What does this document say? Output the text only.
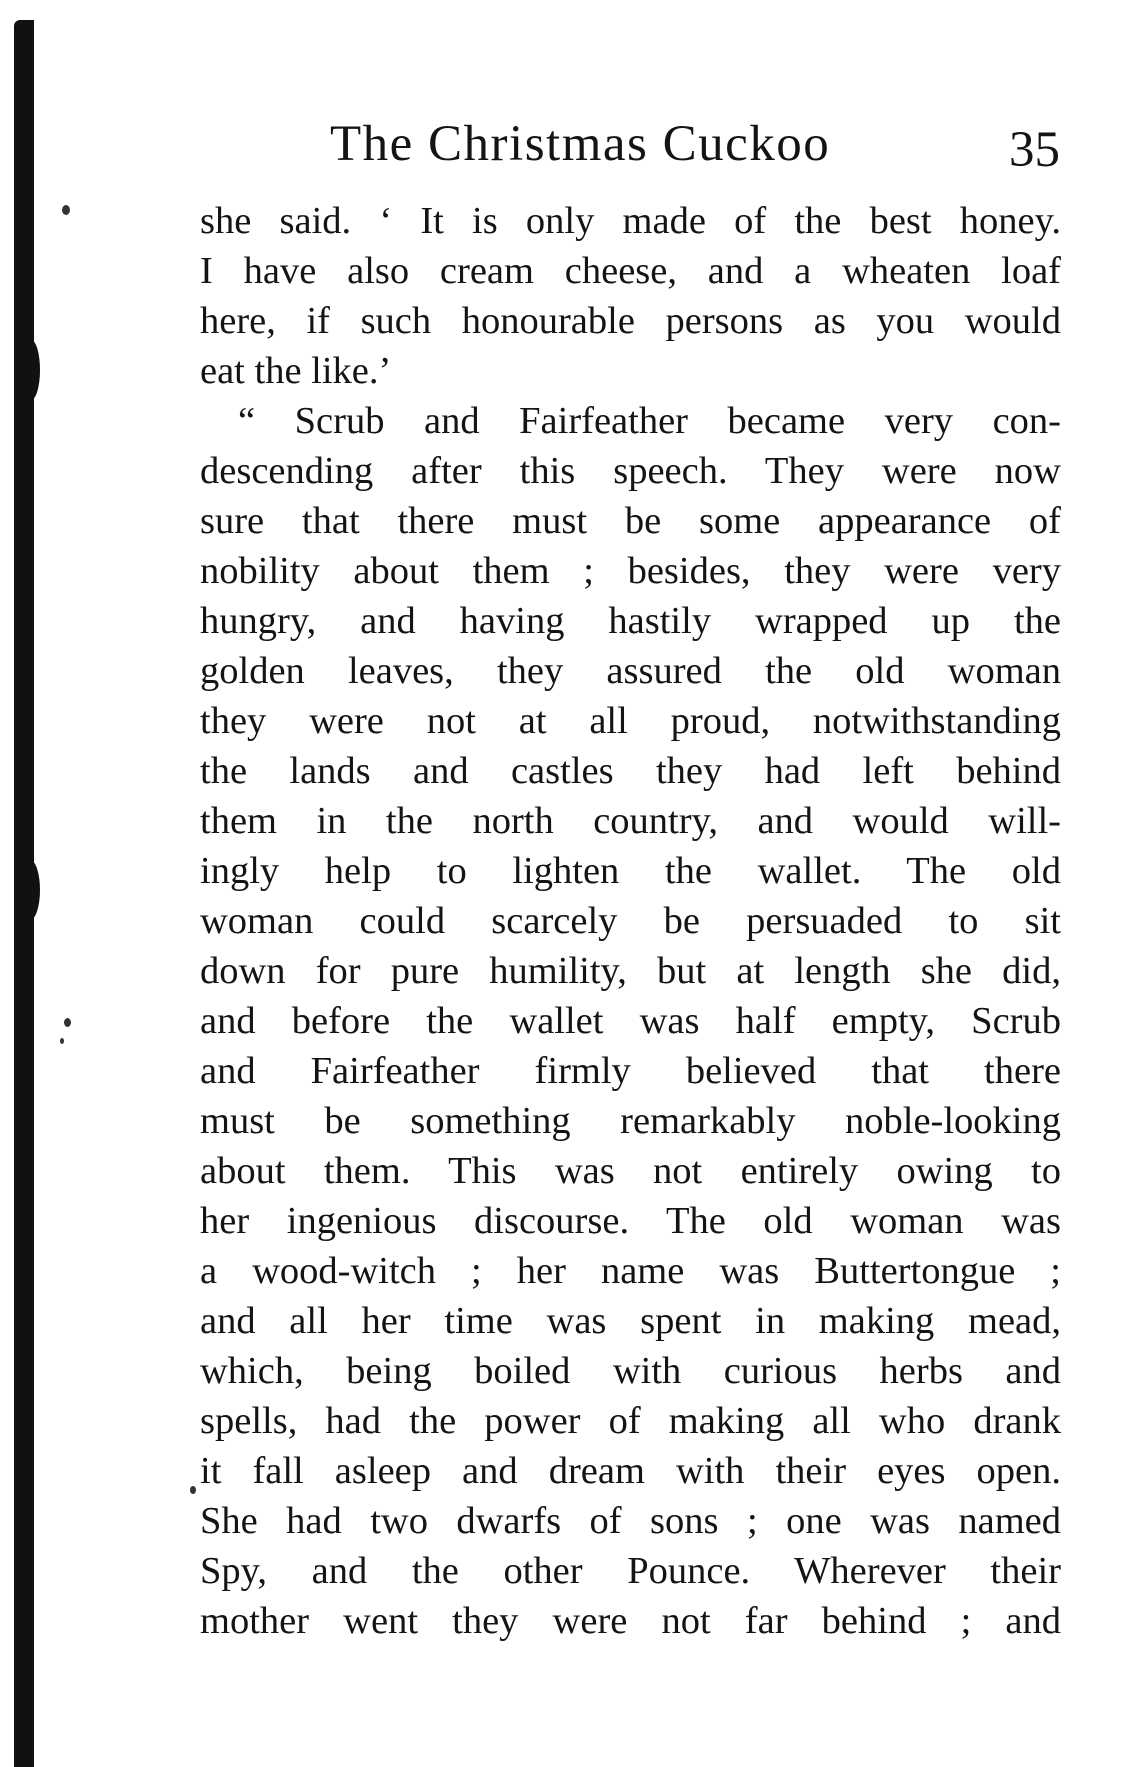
The Christmas Cuckoo	35
she said. ‘ It is only made of the best honey.
I have also cream cheese, and a wheaten loaf
here, if such honourable persons as you would
eat the like.’
“ Scrub and Fairfeather became very con-
descending after this speech. They were now
sure that there must be some appearance of
nobility about them ; besides, they were very
hungry, and having hastily wrapped up the
golden leaves, they assured the old woman
they were not at all proud, notwithstanding
the lands and castles they had left behind
them in the north country, and would will-
ingly help to lighten the wallet. The old
woman could scarcely be persuaded to sit
down for pure humility, but at length she did,
and before the wallet was half empty, Scrub
and Fairfeather firmly believed that there
must be something remarkably noble-looking
about them. This was not entirely owing to
her ingenious discourse. The old woman was
a wood-witch ; her name was Buttertongue ;
and all her time was spent in making mead,
which, being boiled with curious herbs and
spells, had the power of making all who drank
it fall asleep and dream with their eyes open.
She had two dwarfs of sons ; one was named
Spy, and the other Pounce. Wherever their
mother went they were not far behind ; and
